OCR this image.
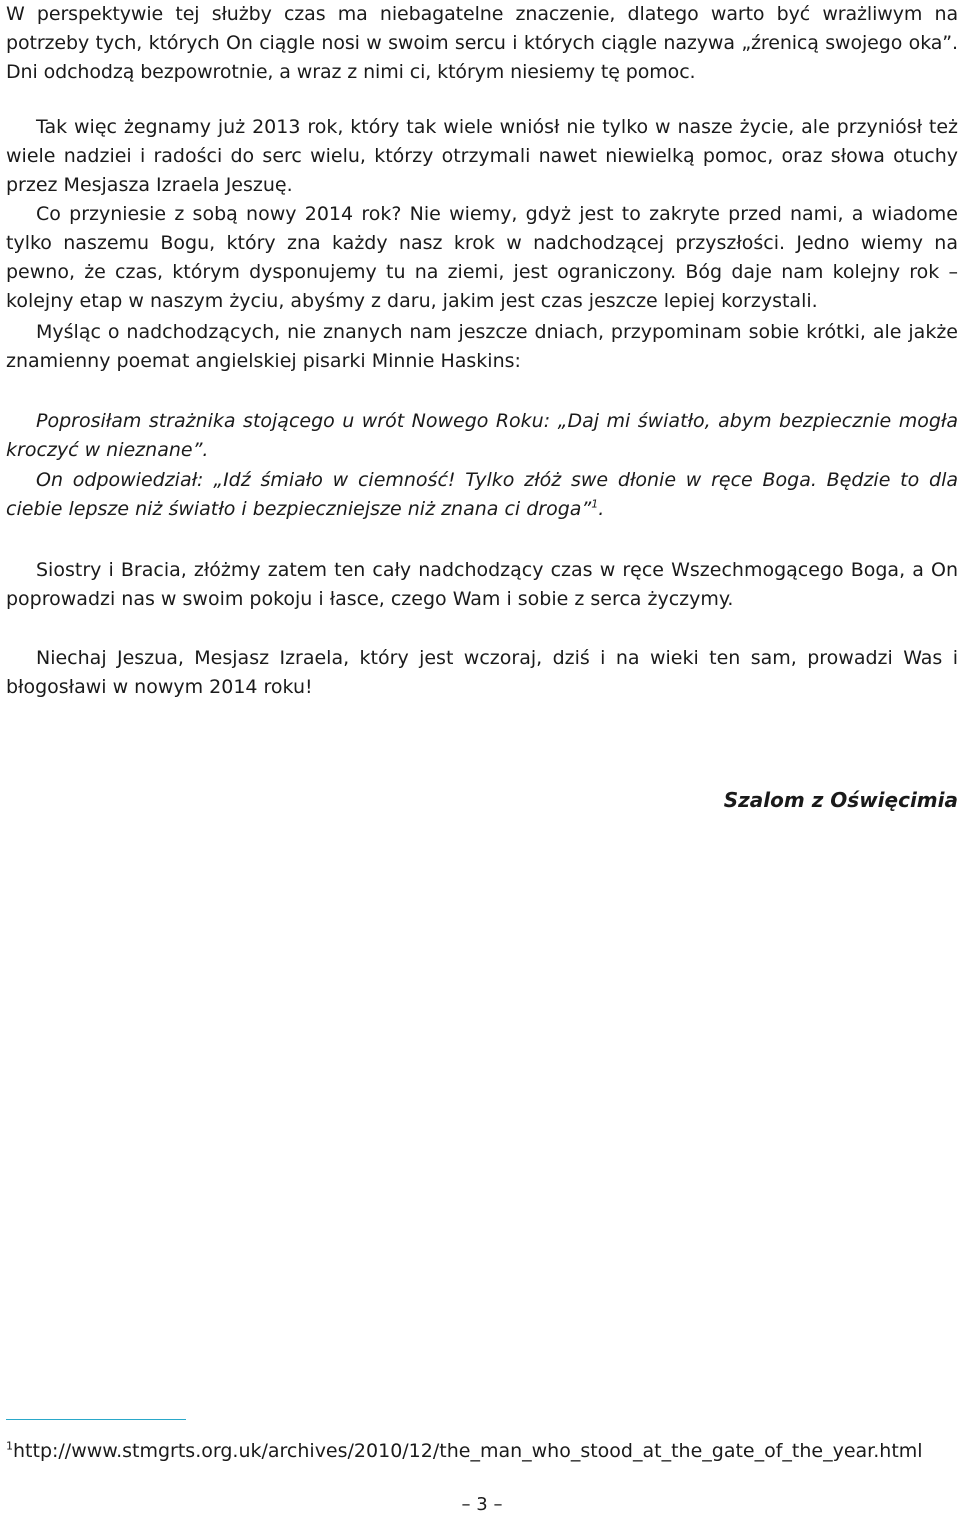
W perspektywie tej służby czas ma niebagatelne znaczenie, dlatego warto być wrażliwym na potrzeby tych, których On ciągle nosi w swoim sercu i których ciągle nazywa „źrenicą swojego oka”. Dni odchodzą bezpowrotnie, a wraz z nimi ci, którym niesiemy tę pomoc.

Tak więc żegnamy już 2013 rok, który tak wiele wniósł nie tylko w nasze życie, ale przyniósł też wiele nadziei i radości do serc wielu, którzy otrzymali nawet niewielką pomoc, oraz słowa otuchy przez Mesjasza Izraela Jeszuę.

Co przyniesie z sobą nowy 2014 rok? Nie wiemy, gdyż jest to zakryte przed nami, a wiadome tylko naszemu Bogu, który zna każdy nasz krok w nadchodzącej przyszłości. Jedno wiemy na pewno, że czas, którym dysponujemy tu na ziemi, jest ograniczony. Bóg daje nam kolejny rok – kolejny etap w naszym życiu, abyśmy z daru, jakim jest czas jeszcze lepiej korzystali.

Myśląc o nadchodzących, nie znanych nam jeszcze dniach, przypominam sobie krótki, ale jakże znamienny poemat angielskiej pisarki Minnie Haskins:

Poprosiłam strażnika stojącego u wrót Nowego Roku: „Daj mi światło, abym bezpiecznie mogła kroczyć w nieznane”.

On odpowiedział: „Idź śmiało w ciemność! Tylko złóż swe dłonie w ręce Boga. Będzie to dla ciebie lepsze niż światło i bezpieczniejsze niż znana ci droga”$^1$.

Siostry i Bracia, złóżmy zatem ten cały nadchodzący czas w ręce Wszechmogącego Boga, a On poprowadzi nas w swoim pokoju i łasce, czego Wam i sobie z serca życzymy.

Niechaj Jeszua, Mesjasz Izraela, który jest wczoraj, dziś i na wieki ten sam, prowadzi Was i błogosławi w nowym 2014 roku!

Szalom z Oświęcimia

$^1$http://www.stmgrts.org.uk/archives/2010/12/the_man_who_stood_at_the_gate_of_the_year.html

– 3 –
